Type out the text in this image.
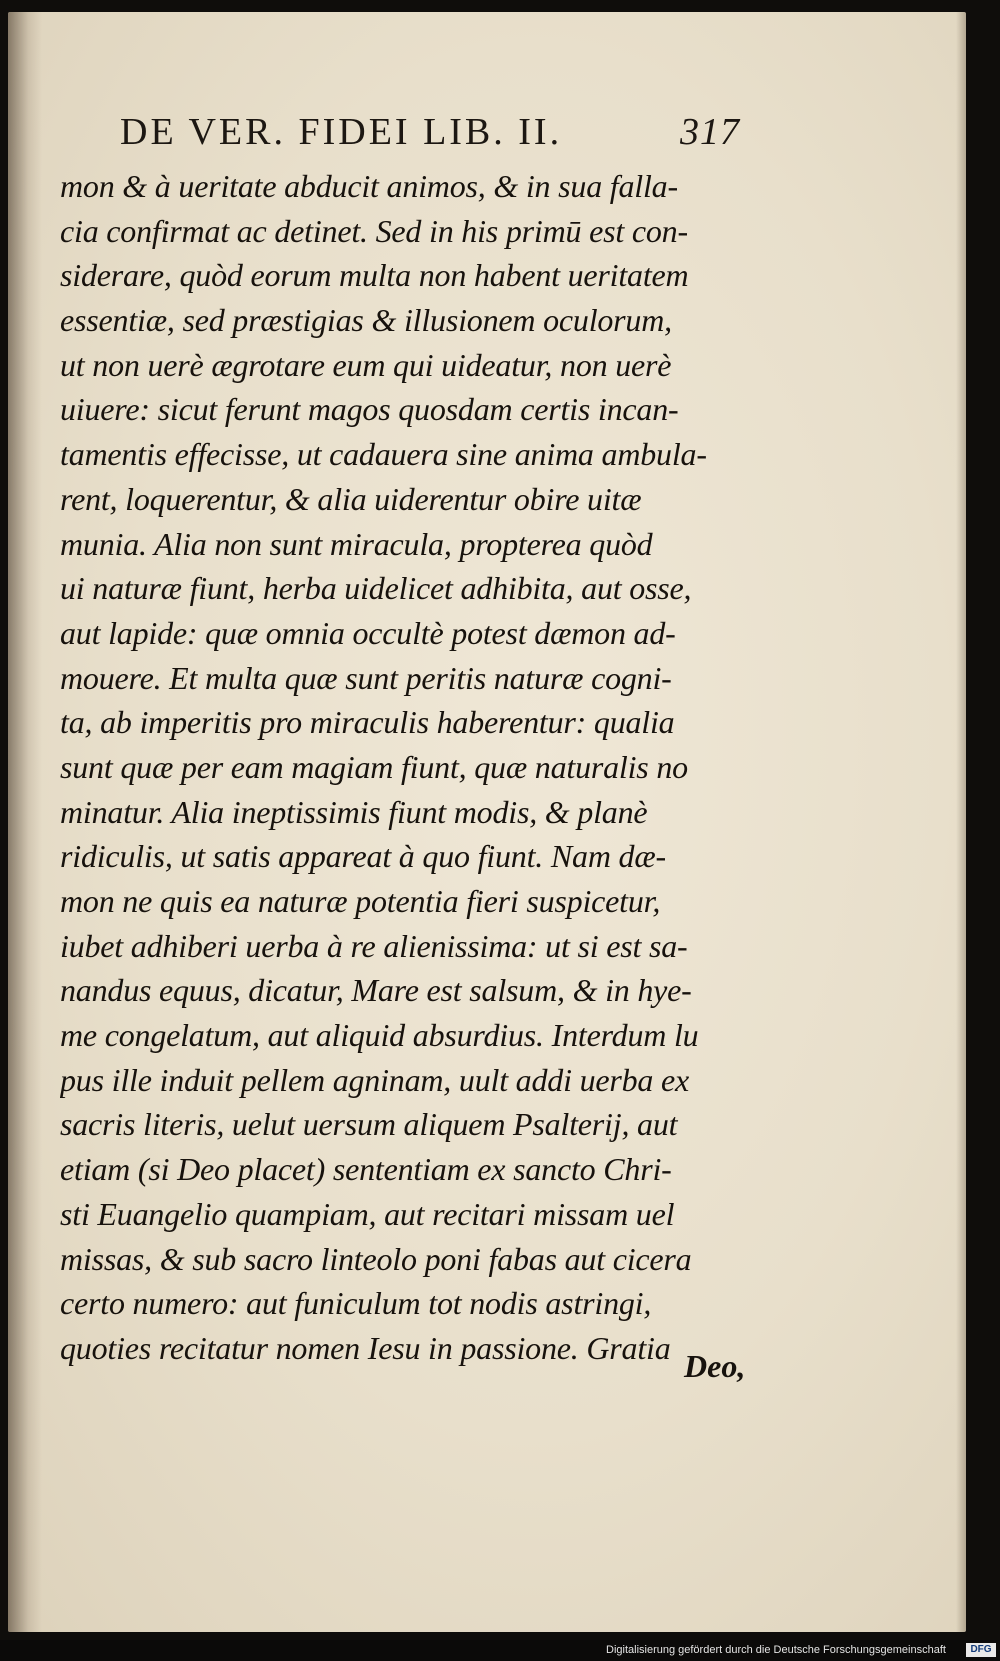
DE VER. FIDEI LIB. II.	317
mon & à ueritate abducit animos, & in sua falla-
cia confirmat ac detinet. Sed in his primū est con-
siderare, quòd eorum multa non habent ueritatem
essentiæ, sed præstigias & illusionem oculorum,
ut non uerè ægrotare eum qui uideatur, non uerè
uiuere: sicut ferunt magos quosdam certis incan-
tamentis effecisse, ut cadauera sine anima ambula-
rent, loquerentur, & alia uiderentur obire uitæ
munia. Alia non sunt miracula, propterea quòd
ui naturæ fiunt, herba uidelicet adhibita, aut osse,
aut lapide: quæ omnia occultè potest dæmon ad-
mouere. Et multa quæ sunt peritis naturæ cogni-
ta, ab imperitis pro miraculis haberentur: qualia
sunt quæ per eam magiam fiunt, quæ naturalis no
minatur. Alia ineptissimis fiunt modis, & planè
ridiculis, ut satis appareat à quo fiunt. Nam dæ-
mon ne quis ea naturæ potentia fieri suspicetur,
iubet adhiberi uerba à re alienissima: ut si est sa-
nandus equus, dicatur, Mare est salsum, & in hye-
me congelatum, aut aliquid absurdius. Interdum lu
pus ille induit pellem agninam, uult addi uerba ex
sacris literis, uelut uersum aliquem Psalterij, aut
etiam (si Deo placet) sententiam ex sancto Chri-
sti Euangelio quampiam, aut recitari missam uel
missas, & sub sacro linteolo poni fabas aut cicera
certo numero: aut funiculum tot nodis astringi,
quoties recitatur nomen Iesu in passione. Gratia
Deo,
Digitalisierung gefördert durch die Deutsche Forschungsgemeinschaft	DFG
